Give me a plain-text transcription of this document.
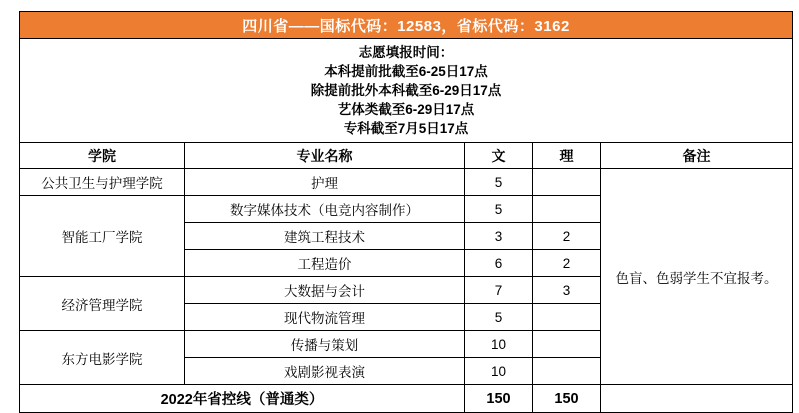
四川省——国标代码：12583，省标代码：3162				

志愿填报时间：
本科提前批截至6-25日17点
除提前批外本科截至6-29日17点
艺体类截至6-29日17点
专科截至7月5日17点				

学院	专业名称	文	理	备注
公共卫生与护理学院	护理	5		色盲、色弱学生不宜报考。
智能工厂学院	数字媒体技术（电竞内容制作）	5		
	建筑工程技术	3	2	
	工程造价	6	2	
经济管理学院	大数据与会计	7	3	
	现代物流管理	5		
东方电影学院	传播与策划	10		
	戏剧影视表演	10		
2022年省控线（普通类）		150	150	
